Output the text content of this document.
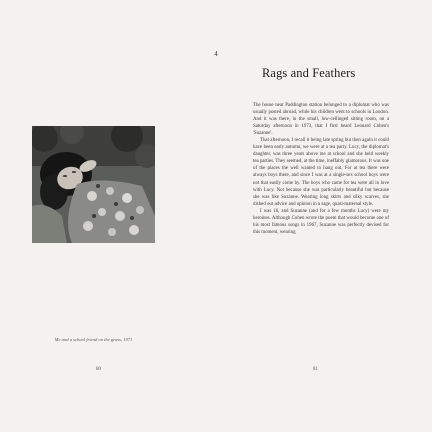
4
Rags and Feathers
Me and a school friend on the grass, 1971

The house near Paddington station belonged to a diplomat who was usually posted abroad, while his children went to schools in London. And it was there, in the small, low-ceilinged sitting room, on a Saturday afternoon in 1973, that I first heard Leonard Cohen's 'Suzanne'.

That afternoon, I recall it being late spring but then again it could have been early autumn, we were at a tea party. Lucy, the diplomat's daughter, was three years above me at school and she held weekly tea parties. They seemed, at the time, ineffably glamorous. It was one of the places the well wanted to hang out. For at tea there were always boys there, and since I was at a single-sex school boys were not that easily come by. The boys who came for tea were all in love with Lucy. Not because she was particularly beautiful but because she was like Suzanne. Wearing long skirts and silky scarves, she dished out advice and opinion in a sage, quasi-maternal style.

I was 16, and Suzanne (and for a few months Lucy) were my heroines. Although Cohen wrote the poem that would become one of his most famous songs in 1967, Suzanne was perfectly devised for this moment, wearing

80	81
